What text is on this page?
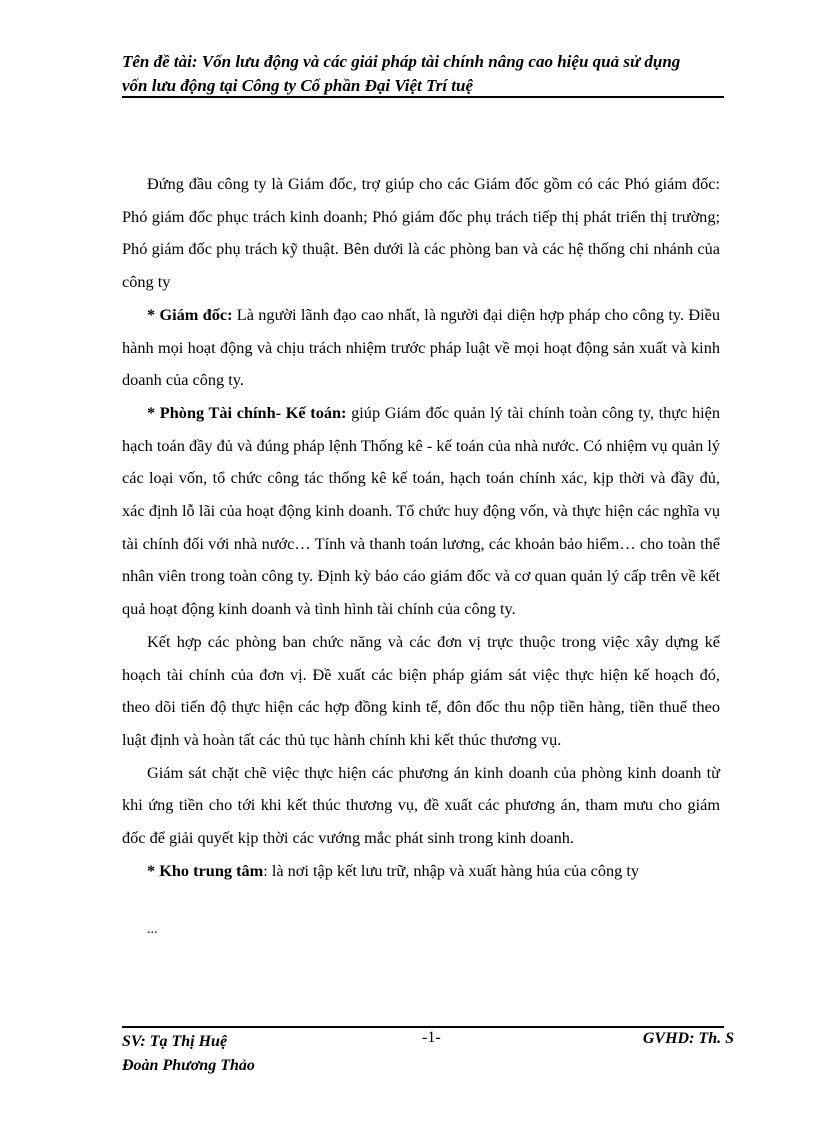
Tên đề tài: Vốn lưu động và các giải pháp tài chính nâng cao hiệu quả sử dụng
vốn lưu động tại Công ty Cổ phần Đại Việt Trí tuệ

Đứng đầu công ty là Giám đốc, trợ giúp cho các Giám đốc gồm có các Phó giám đốc: Phó giám đốc phục trách kinh doanh; Phó giám đốc phụ trách tiếp thị phát triển thị trường; Phó giám đốc phụ trách kỹ thuật. Bên dưới là các phòng ban và các hệ thống chi nhánh của công ty

* Giám đốc: Là người lãnh đạo cao nhất, là người đại diện hợp pháp cho công ty. Điều hành mọi hoạt động và chịu trách nhiệm trước pháp luật về mọi hoạt động sản xuất và kinh doanh của công ty.

* Phòng Tài chính- Kế toán: giúp Giám đốc quản lý tài chính toàn công ty, thực hiện hạch toán đầy đủ và đúng pháp lệnh Thống kê - kế toán của nhà nước. Có nhiệm vụ quản lý các loại vốn, tổ chức công tác thống kê kế toán, hạch toán chính xác, kịp thời và đầy đủ, xác định lỗ lãi của hoạt động kinh doanh. Tổ chức huy động vốn, và thực hiện các nghĩa vụ tài chính đối với nhà nước… Tính và thanh toán lương, các khoản bảo hiểm… cho toàn thể nhân viên trong toàn công ty. Định kỳ báo cáo giám đốc và cơ quan quản lý cấp trên về kết quả hoạt động kinh doanh và tình hình tài chính của công ty.

Kết hợp các phòng ban chức năng và các đơn vị trực thuộc trong việc xây dựng kế hoạch tài chính của đơn vị. Đề xuất các biện pháp giám sát việc thực hiện kế hoạch đó, theo dõi tiến độ thực hiện các hợp đồng kinh tế, đôn đốc thu nộp tiền hàng, tiền thuế theo luật định và hoàn tất các thủ tục hành chính khi kết thúc thương vụ.

Giám sát chặt chẽ việc thực hiện các phương án kinh doanh của phòng kinh doanh từ khi ứng tiền cho tới khi kết thúc thương vụ, đề xuất các phương án, tham mưu cho giám đốc để giải quyết kịp thời các vướng mắc phát sinh trong kinh doanh.

* Kho trung tâm: là nơi tập kết lưu trữ, nhập và xuất hàng húa của công ty

...
SV: Tạ Thị Huệ
Đoàn Phương Thảo
-1-	GVHD: Th. S
